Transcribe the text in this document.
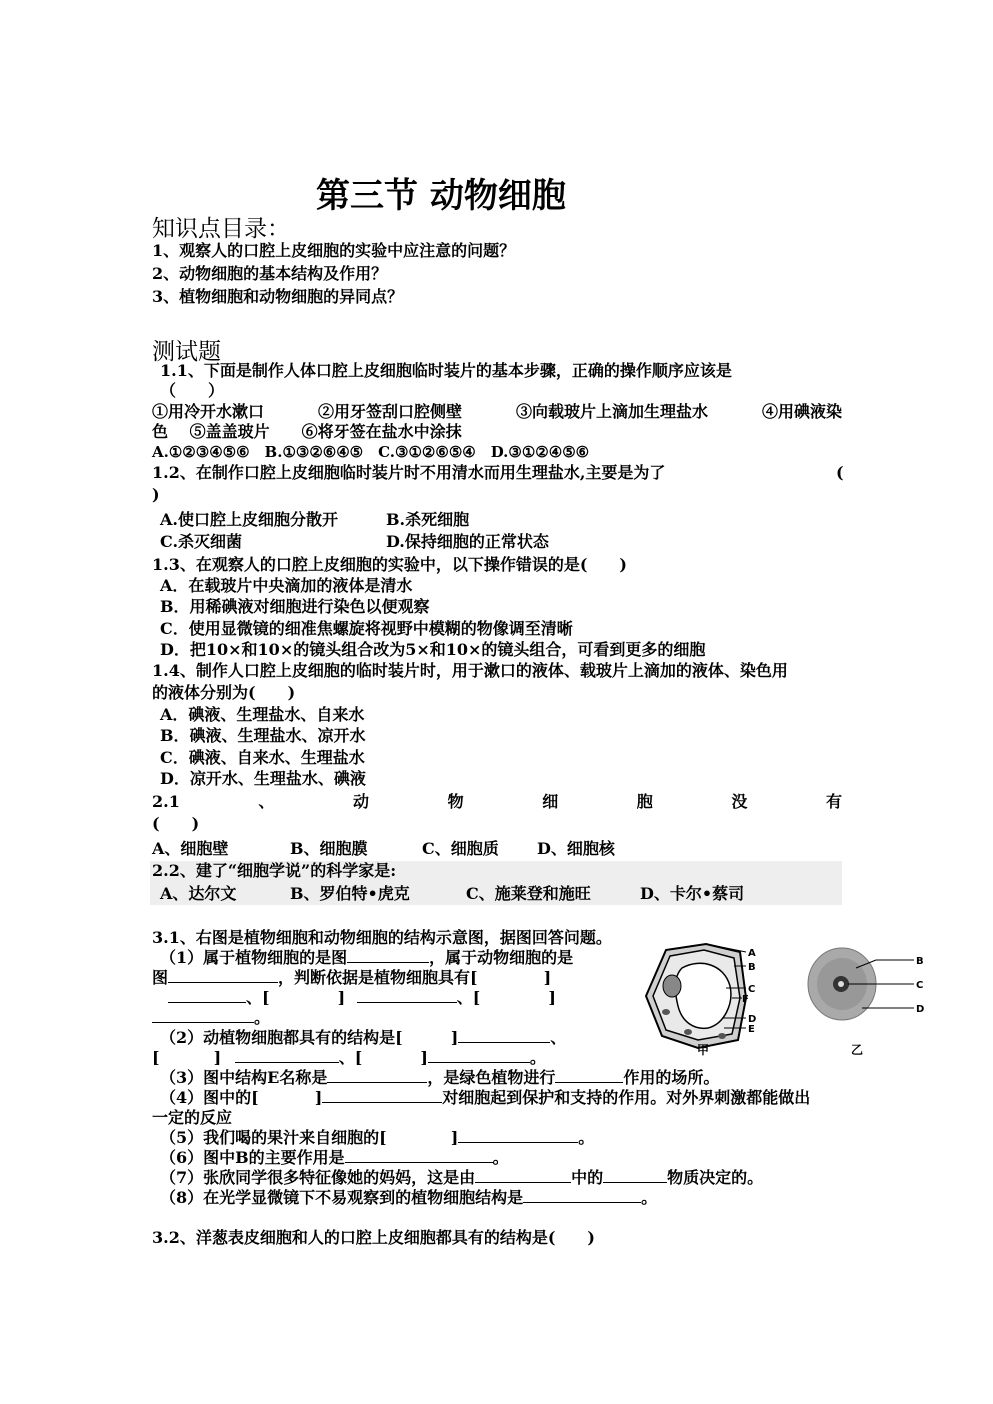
第三节 动物细胞
知识点目录：
1、观察人的口腔上皮细胞的实验中应注意的问题？
2、动物细胞的基本结构及作用？
3、植物细胞和动物细胞的异同点？
测试题
1.1、下面是制作人体口腔上皮细胞临时装片的基本步骤，正确的操作顺序应该是
（　　）
①用冷开水漱口	②用牙签刮口腔侧壁	③向载玻片上滴加生理盐水	④用碘液染
色　 ⑤盖盖玻片　　⑥将牙签在盐水中涂抹
A.①②③④⑤⑥　B.①③②⑥④⑤　C.③①②⑥⑤④　D.③①②④⑤⑥
1.2、在制作口腔上皮细胞临时装片时不用清水而用生理盐水,主要是为了	(
)
A.使口腔上皮细胞分散开	B.杀死细胞
C.杀灭细菌	D.保持细胞的正常状态
1.3、在观察人的口腔上皮细胞的实验中，以下操作错误的是(　　)
A．在载玻片中央滴加的液体是清水
B．用稀碘液对细胞进行染色以便观察
C．使用显微镜的细准焦螺旋将视野中模糊的物像调至清晰
D．把10×和10×的镜头组合改为5×和10×的镜头组合，可看到更多的细胞
1.4、制作人口腔上皮细胞的临时装片时，用于漱口的液体、载玻片上滴加的液体、染色用
的液体分别为(　　)
A．碘液、生理盐水、自来水
B．碘液、生理盐水、凉开水
C．碘液、自来水、生理盐水
D．凉开水、生理盐水、碘液
2.1	、	动	物	细	胞	没	有
(　　)
A、细胞壁	B、细胞膜	C、细胞质 D、细胞核
2.2、建了“细胞学说”的科学家是:
A、达尔文	B、罗伯特•虎克	C、施莱登和施旺	D、卡尔•蔡司
3.1、右图是植物细胞和动物细胞的结构示意图，据图回答问题。
（1）属于植物细胞的是图	，属于动物细胞的是
图	，判断依据是植物细胞具有[	]
、[	]	、[	]
。
（2）动植物细胞都具有的结构是[	]	、
[	]	、[	]	。
（3）图中结构E名称是	，是绿色植物进行	作用的场所。
（4）图中的[	]	对细胞起到保护和支持的作用。对外界刺激都能做出
一定的反应
（5）我们喝的果汁来自细胞的[	]	。
（6）图中B的主要作用是	。
（7）张欣同学很多特征像她的妈妈，这是由	中的	物质决定的。
（8）在光学显微镜下不易观察到的植物细胞结构是	。
3.2、洋葱表皮细胞和人的口腔上皮细胞都具有的结构是(　　)
A
B
C
F
D
E
甲
B
C
D
乙
